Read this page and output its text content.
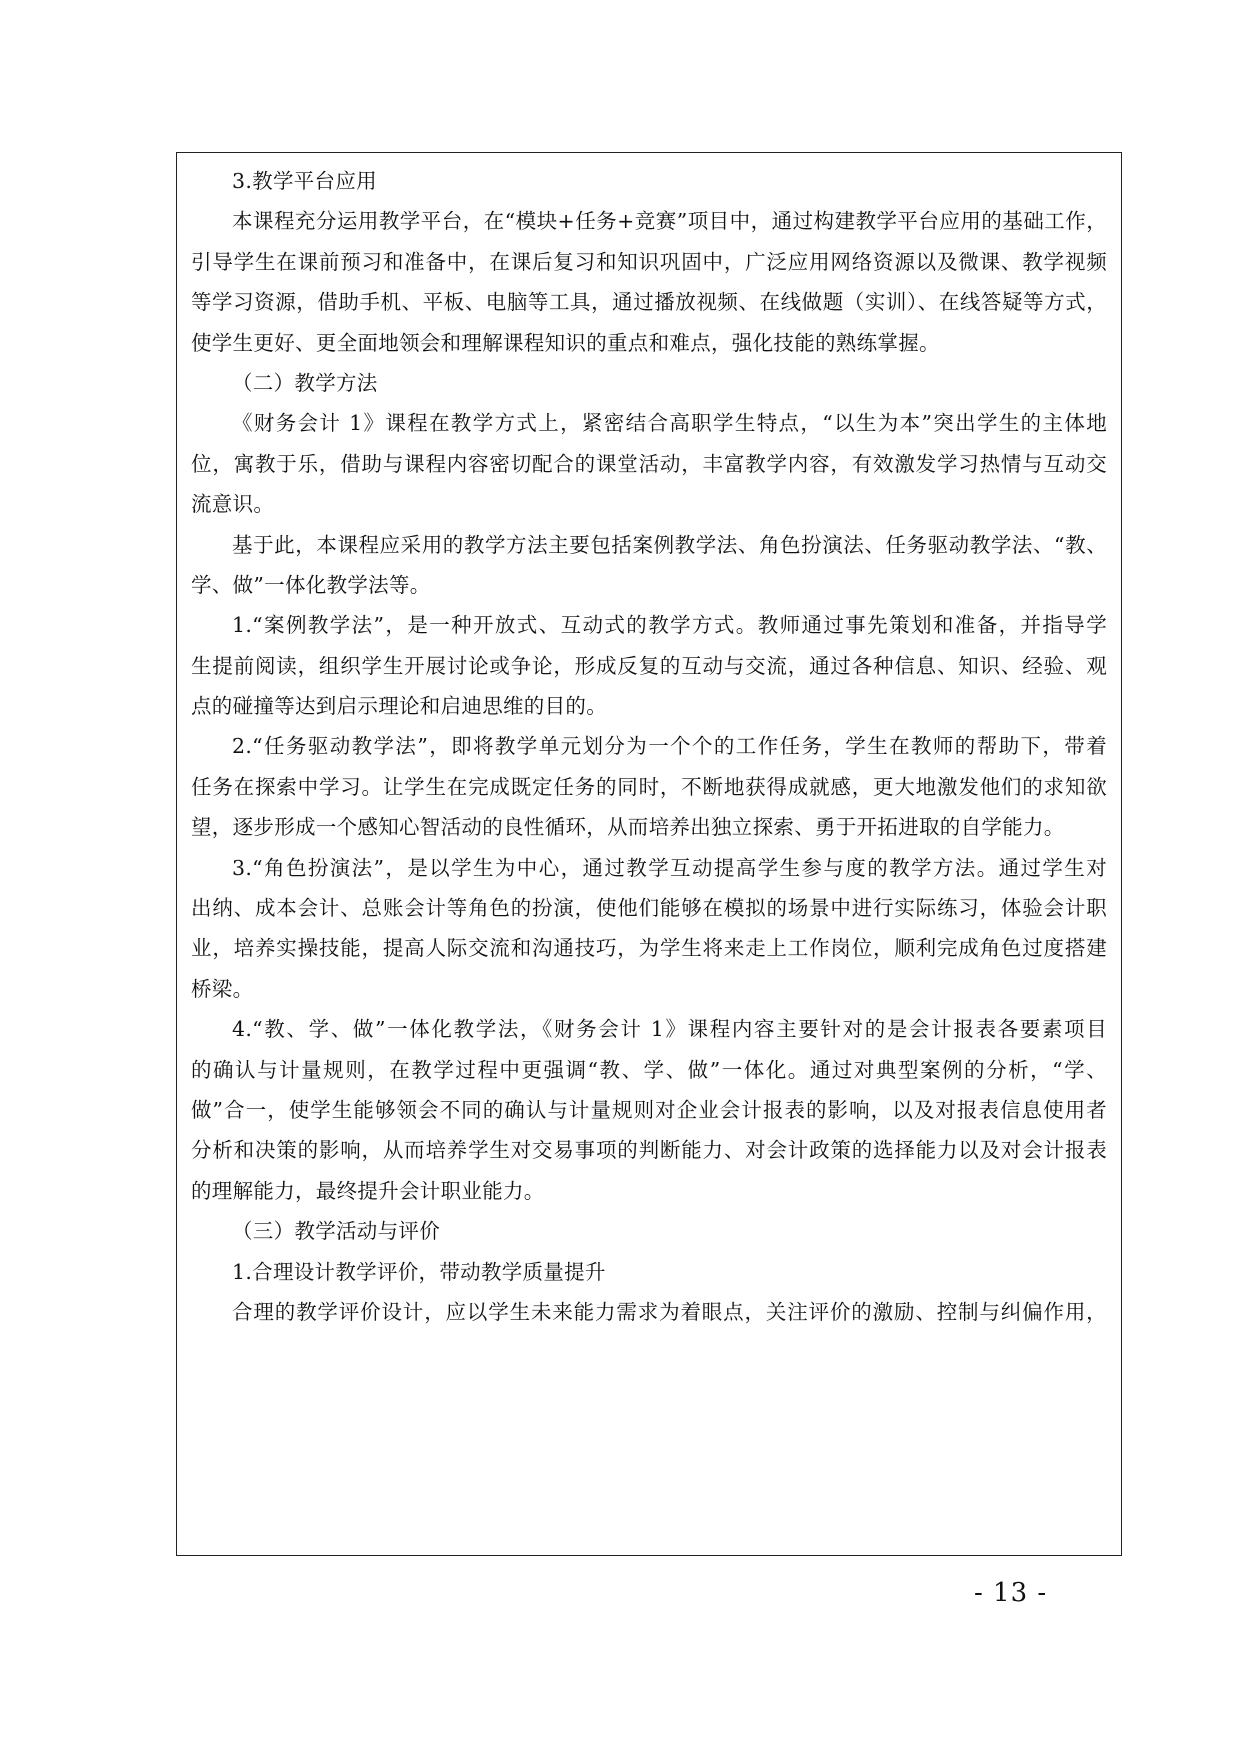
3.教学平台应用
本课程充分运用教学平台，在“模块+任务+竞赛”项目中，通过构建教学平台应用的基础工作，
引导学生在课前预习和准备中，在课后复习和知识巩固中，广泛应用网络资源以及微课、教学视频
等学习资源，借助手机、平板、电脑等工具，通过播放视频、在线做题（实训）、在线答疑等方式，
使学生更好、更全面地领会和理解课程知识的重点和难点，强化技能的熟练掌握。
（二）教学方法
《财务会计 1》课程在教学方式上，紧密结合高职学生特点，“以生为本”突出学生的主体地
位，寓教于乐，借助与课程内容密切配合的课堂活动，丰富教学内容，有效激发学习热情与互动交
流意识。
基于此，本课程应采用的教学方法主要包括案例教学法、角色扮演法、任务驱动教学法、“教、
学、做”一体化教学法等。
1.“案例教学法”，是一种开放式、互动式的教学方式。教师通过事先策划和准备，并指导学
生提前阅读，组织学生开展讨论或争论，形成反复的互动与交流，通过各种信息、知识、经验、观
点的碰撞等达到启示理论和启迪思维的目的。
2.“任务驱动教学法”，即将教学单元划分为一个个的工作任务，学生在教师的帮助下，带着
任务在探索中学习。让学生在完成既定任务的同时，不断地获得成就感，更大地激发他们的求知欲
望，逐步形成一个感知心智活动的良性循环，从而培养出独立探索、勇于开拓进取的自学能力。
3.“角色扮演法”，是以学生为中心，通过教学互动提高学生参与度的教学方法。通过学生对
出纳、成本会计、总账会计等角色的扮演，使他们能够在模拟的场景中进行实际练习，体验会计职
业，培养实操技能，提高人际交流和沟通技巧，为学生将来走上工作岗位，顺利完成角色过度搭建
桥梁。
4.“教、学、做”一体化教学法，《财务会计 1》课程内容主要针对的是会计报表各要素项目
的确认与计量规则，在教学过程中更强调“教、学、做”一体化。通过对典型案例的分析，“学、
做”合一，使学生能够领会不同的确认与计量规则对企业会计报表的影响，以及对报表信息使用者
分析和决策的影响，从而培养学生对交易事项的判断能力、对会计政策的选择能力以及对会计报表
的理解能力，最终提升会计职业能力。
（三）教学活动与评价
1.合理设计教学评价，带动教学质量提升
合理的教学评价设计，应以学生未来能力需求为着眼点，关注评价的激励、控制与纠偏作用，
- 13 -
